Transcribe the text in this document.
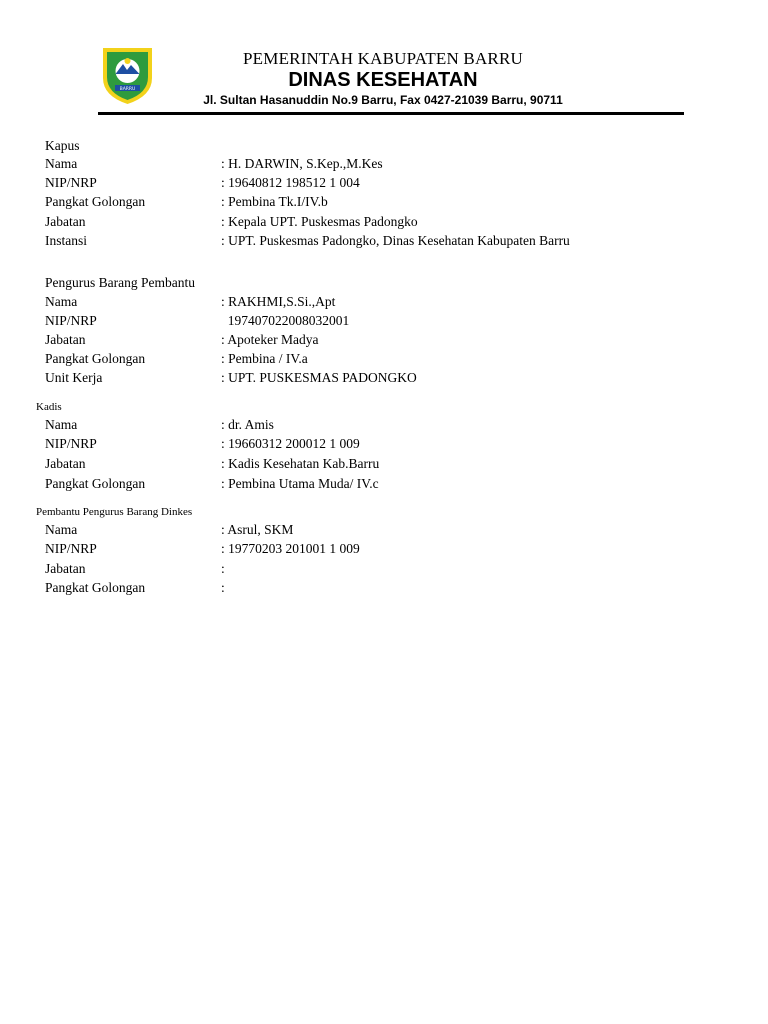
BARRU
PEMERINTAH KABUPATEN BARRU
DINAS KESEHATAN
Jl. Sultan Hasanuddin No.9 Barru, Fax 0427-21039 Barru, 90711
Kapus
Nama	: H. DARWIN, S.Kep.,M.Kes
NIP/NRP	: 19640812 198512 1 004
Pangkat Golongan	: Pembina Tk.I/IV.b
Jabatan	: Kepala UPT. Puskesmas Padongko
Instansi	: UPT. Puskesmas Padongko, Dinas Kesehatan Kabupaten Barru
Pengurus Barang Pembantu
Nama	: RAKHMI,S.Si.,Apt
NIP/NRP	197407022008032001
Jabatan	: Apoteker Madya
Pangkat Golongan	: Pembina / IV.a
Unit Kerja	: UPT. PUSKESMAS PADONGKO
Kadis
Nama	: dr. Amis
NIP/NRP	: 19660312 200012 1 009
Jabatan	: Kadis Kesehatan Kab.Barru
Pangkat Golongan	: Pembina Utama Muda/ IV.c
Pembantu Pengurus Barang Dinkes
Nama	: Asrul, SKM
NIP/NRP	: 19770203 201001 1 009
Jabatan	:
Pangkat Golongan	:
